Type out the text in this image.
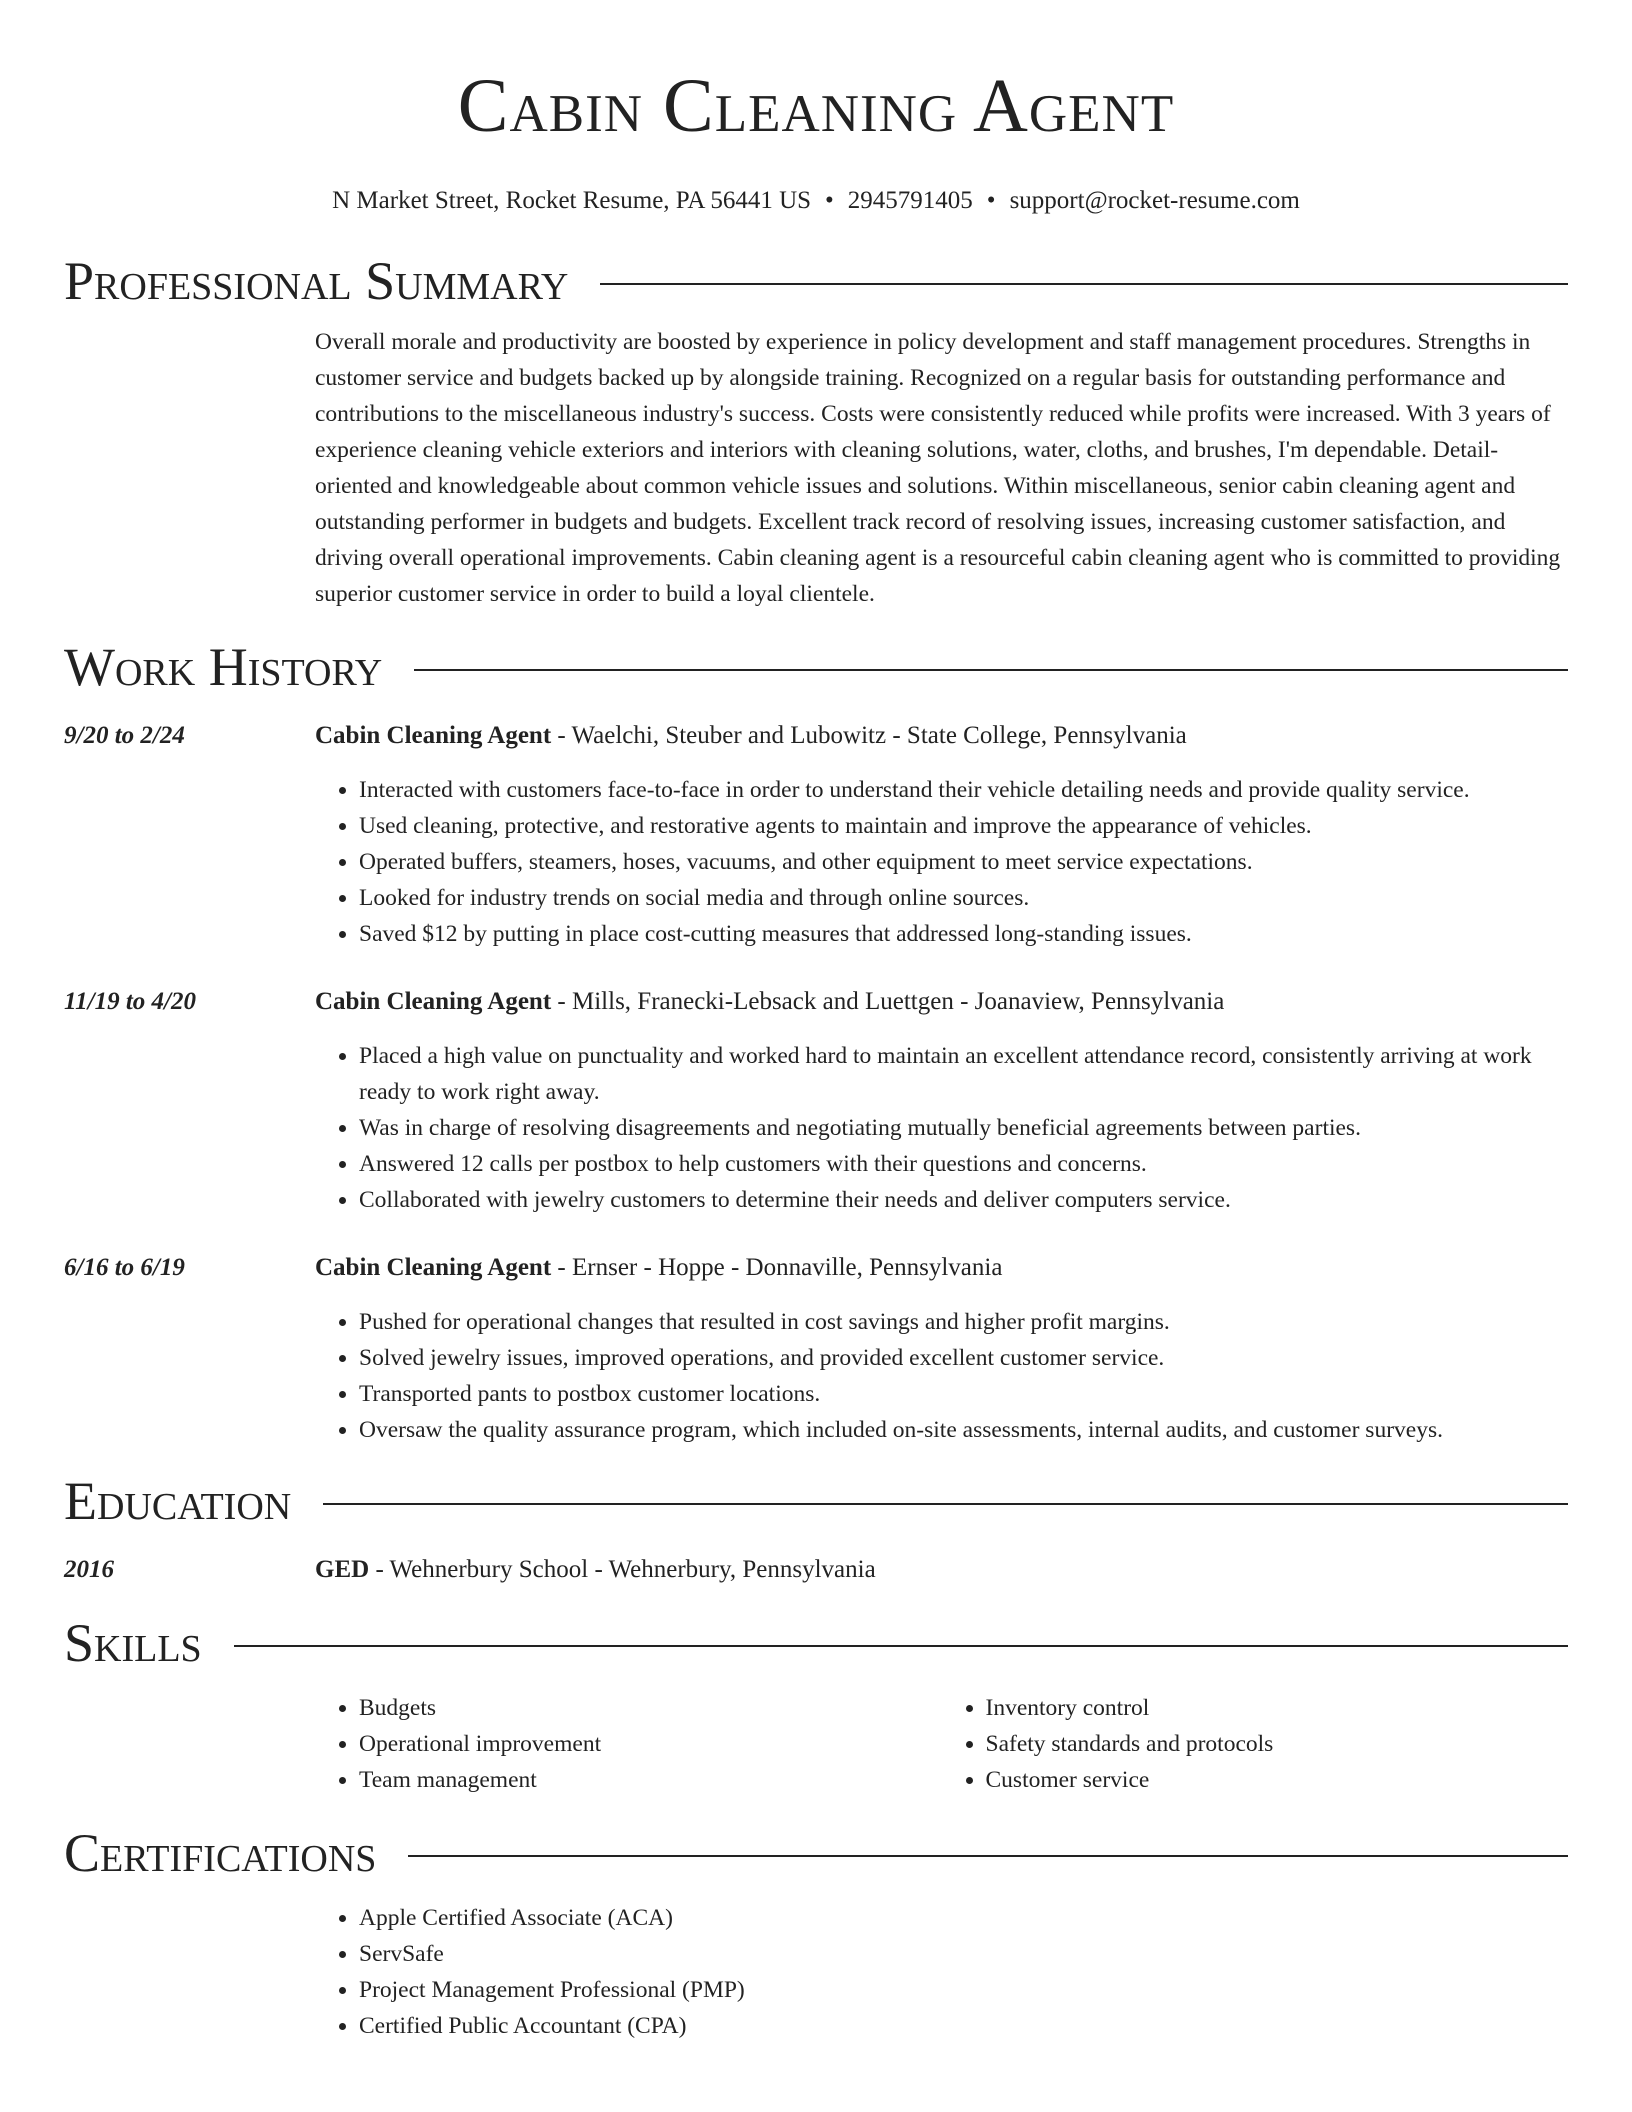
Cabin Cleaning Agent
N Market Street, Rocket Resume, PA 56441 US • 2945791405 • support@rocket-resume.com
Professional Summary
Overall morale and productivity are boosted by experience in policy development and staff management procedures. Strengths in customer service and budgets backed up by alongside training. Recognized on a regular basis for outstanding performance and contributions to the miscellaneous industry's success. Costs were consistently reduced while profits were increased. With 3 years of experience cleaning vehicle exteriors and interiors with cleaning solutions, water, cloths, and brushes, I'm dependable. Detail-oriented and knowledgeable about common vehicle issues and solutions. Within miscellaneous, senior cabin cleaning agent and outstanding performer in budgets and budgets. Excellent track record of resolving issues, increasing customer satisfaction, and driving overall operational improvements. Cabin cleaning agent is a resourceful cabin cleaning agent who is committed to providing superior customer service in order to build a loyal clientele.
Work History
9/20 to 2/24	Cabin Cleaning Agent - Waelchi, Steuber and Lubowitz - State College, Pennsylvania
• Interacted with customers face-to-face in order to understand their vehicle detailing needs and provide quality service.
• Used cleaning, protective, and restorative agents to maintain and improve the appearance of vehicles.
• Operated buffers, steamers, hoses, vacuums, and other equipment to meet service expectations.
• Looked for industry trends on social media and through online sources.
• Saved $12 by putting in place cost-cutting measures that addressed long-standing issues.
11/19 to 4/20	Cabin Cleaning Agent - Mills, Franecki-Lebsack and Luettgen - Joanaview, Pennsylvania
• Placed a high value on punctuality and worked hard to maintain an excellent attendance record, consistently arriving at work ready to work right away.
• Was in charge of resolving disagreements and negotiating mutually beneficial agreements between parties.
• Answered 12 calls per postbox to help customers with their questions and concerns.
• Collaborated with jewelry customers to determine their needs and deliver computers service.
6/16 to 6/19	Cabin Cleaning Agent - Ernser - Hoppe - Donnaville, Pennsylvania
• Pushed for operational changes that resulted in cost savings and higher profit margins.
• Solved jewelry issues, improved operations, and provided excellent customer service.
• Transported pants to postbox customer locations.
• Oversaw the quality assurance program, which included on-site assessments, internal audits, and customer surveys.
Education
2016	GED - Wehnerbury School - Wehnerbury, Pennsylvania
Skills
• Budgets
• Operational improvement
• Team management
• Inventory control
• Safety standards and protocols
• Customer service
Certifications
• Apple Certified Associate (ACA)
• ServSafe
• Project Management Professional (PMP)
• Certified Public Accountant (CPA)
